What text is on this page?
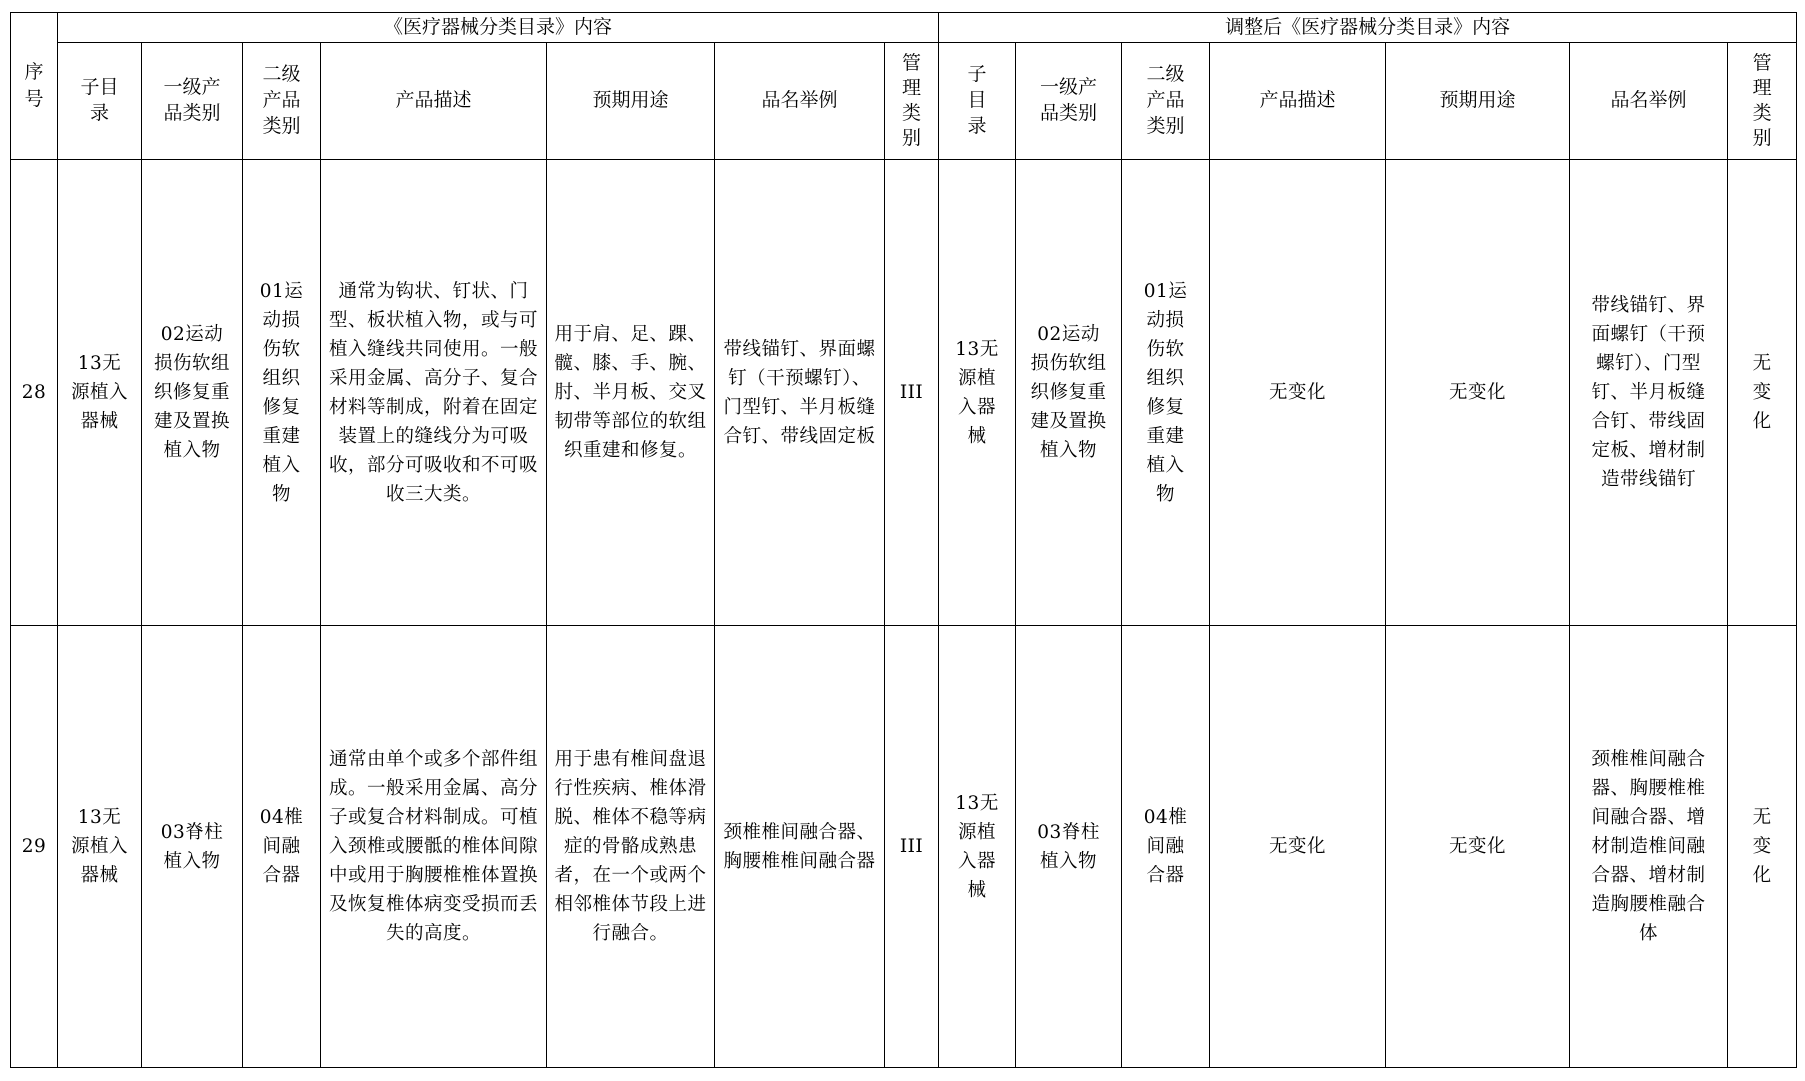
序号	《医疗器械分类目录》内容							调整后《医疗器械分类目录》内容						
	子目录	一级产品类别	二级产品类别	产品描述	预期用途	品名举例	管理类别	子目录	一级产品类别	二级产品类别	产品描述	预期用途	品名举例	管理类别
28	13无源植入器械	02运动损伤软组织修复重建及置换植入物	01运动损伤软组织修复重建植入物	通常为钩状、钉状、门型、板状植入物，或与可植入缝线共同使用。一般采用金属、高分子、复合材料等制成，附着在固定装置上的缝线分为可吸收，部分可吸收和不可吸收三大类。	用于肩、足、踝、髋、膝、手、腕、肘、半月板、交叉韧带等部位的软组织重建和修复。	带线锚钉、界面螺钉（干预螺钉）、门型钉、半月板缝合钉、带线固定板	III	13无源植入器械	02运动损伤软组织修复重建及置换植入物	01运动损伤软组织修复重建植入物	无变化	无变化	带线锚钉、界面螺钉（干预螺钉）、门型钉、半月板缝合钉、带线固定板、增材制造带线锚钉	无变化
29	13无源植入器械	03脊柱植入物	04椎间融合器	通常由单个或多个部件组成。一般采用金属、高分子或复合材料制成。可植入颈椎或腰骶的椎体间隙中或用于胸腰椎椎体置换及恢复椎体病变受损而丢失的高度。	用于患有椎间盘退行性疾病、椎体滑脱、椎体不稳等病症的骨骼成熟患者，在一个或两个相邻椎体节段上进行融合。	颈椎椎间融合器、胸腰椎椎间融合器	III	13无源植入器械	03脊柱植入物	04椎间融合器	无变化	无变化	颈椎椎间融合器、胸腰椎椎间融合器、增材制造椎间融合器、增材制造胸腰椎融合体	无变化
